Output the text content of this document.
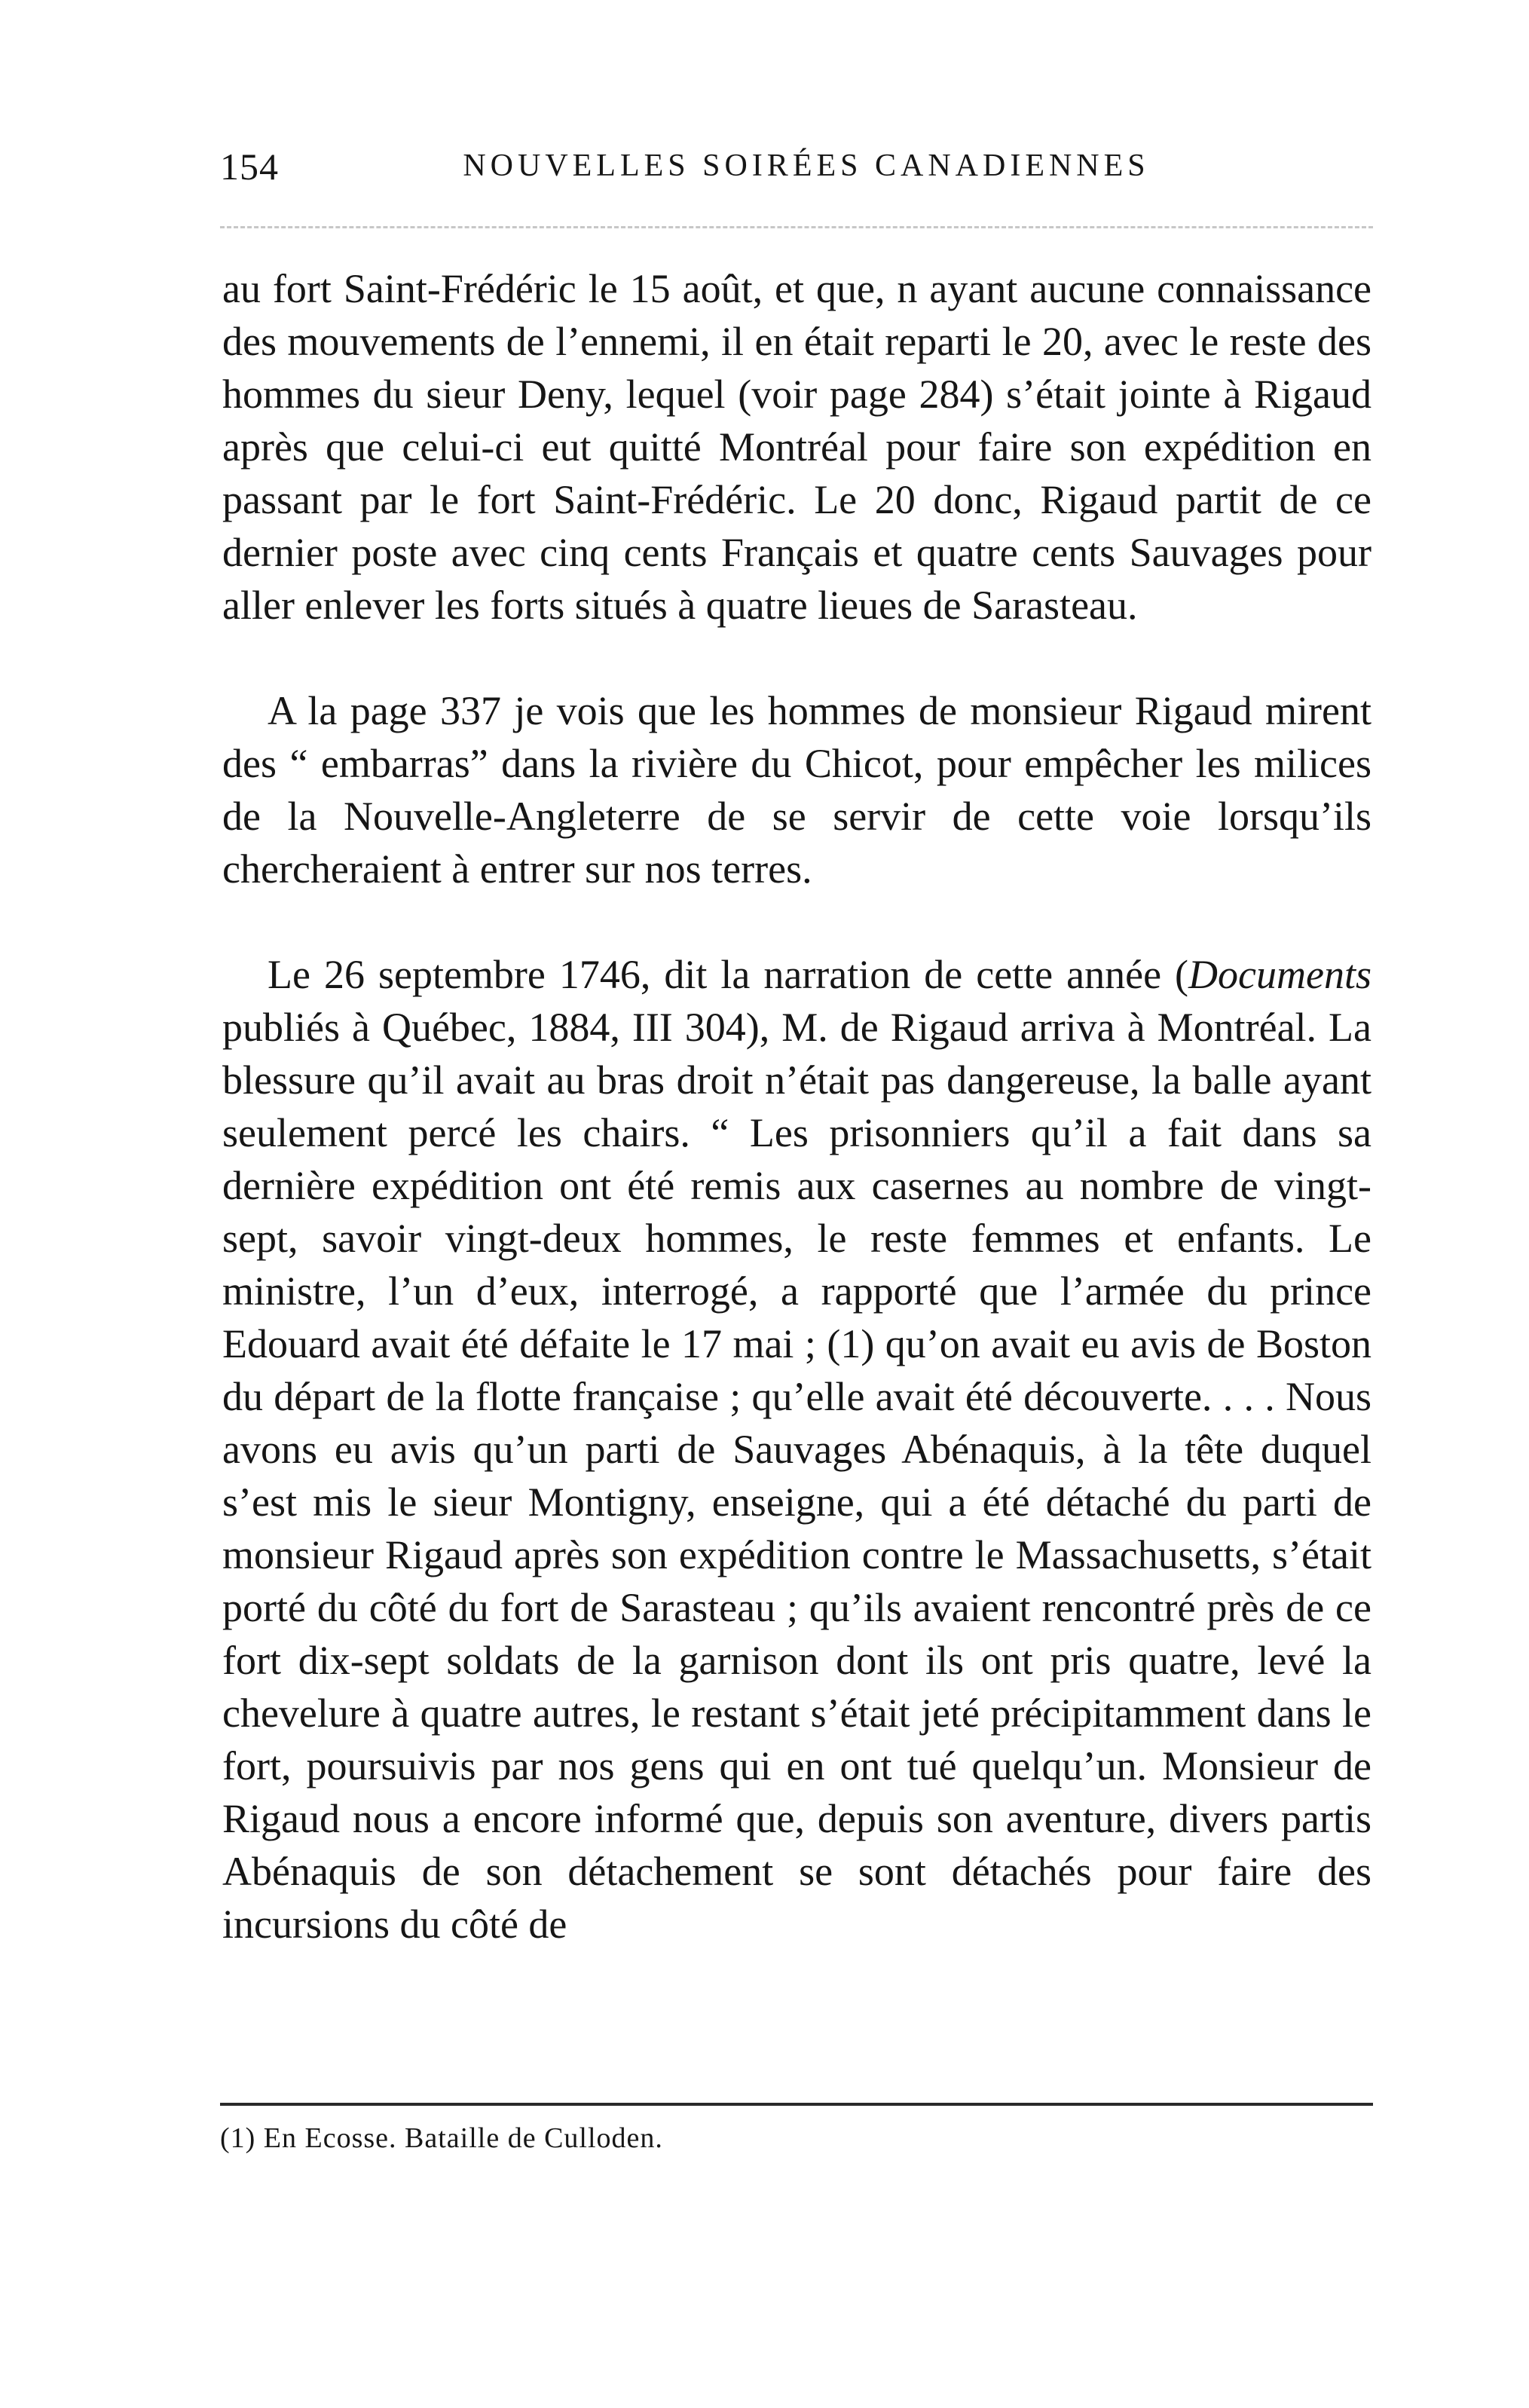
154	NOUVELLES SOIRÉES CANADIENNES

au fort Saint-Frédéric le 15 août, et que, n ayant aucune connaissance des mouvements de l’ennemi, il en était reparti le 20, avec le reste des hommes du sieur Deny, lequel (voir page 284) s’était jointe à Rigaud après que celui-ci eut quitté Montréal pour faire son expédition en passant par le fort Saint-Frédéric. Le 20 donc, Rigaud partit de ce dernier poste avec cinq cents Français et quatre cents Sauvages pour aller enlever les forts situés à quatre lieues de Sarasteau.

A la page 337 je vois que les hommes de monsieur Rigaud mirent des “ embarras” dans la rivière du Chicot, pour empêcher les milices de la Nouvelle-Angleterre de se servir de cette voie lorsqu’ils chercheraient à entrer sur nos terres.

Le 26 septembre 1746, dit la narration de cette année (Documents publiés à Québec, 1884, III 304), M. de Rigaud arriva à Montréal. La blessure qu’il avait au bras droit n’était pas dangereuse, la balle ayant seulement percé les chairs. “ Les prisonniers qu’il a fait dans sa dernière expédition ont été remis aux casernes au nombre de vingt-sept, savoir vingt-deux hommes, le reste femmes et enfants. Le ministre, l’un d’eux, interrogé, a rapporté que l’armée du prince Edouard avait été défaite le 17 mai ; (1) qu’on avait eu avis de Boston du départ de la flotte française ; qu’elle avait été découverte. . . . Nous avons eu avis qu’un parti de Sauvages Abénaquis, à la tête duquel s’est mis le sieur Montigny, enseigne, qui a été détaché du parti de monsieur Rigaud après son expédition contre le Massachusetts, s’était porté du côté du fort de Sarasteau ; qu’ils avaient rencontré près de ce fort dix-sept soldats de la garnison dont ils ont pris quatre, levé la chevelure à quatre autres, le restant s’était jeté précipitamment dans le fort, poursuivis par nos gens qui en ont tué quelqu’un. Monsieur de Rigaud nous a encore informé que, depuis son aventure, divers partis Abénaquis de son détachement se sont détachés pour faire des incursions du côté de

(1) En Ecosse. Bataille de Culloden.
